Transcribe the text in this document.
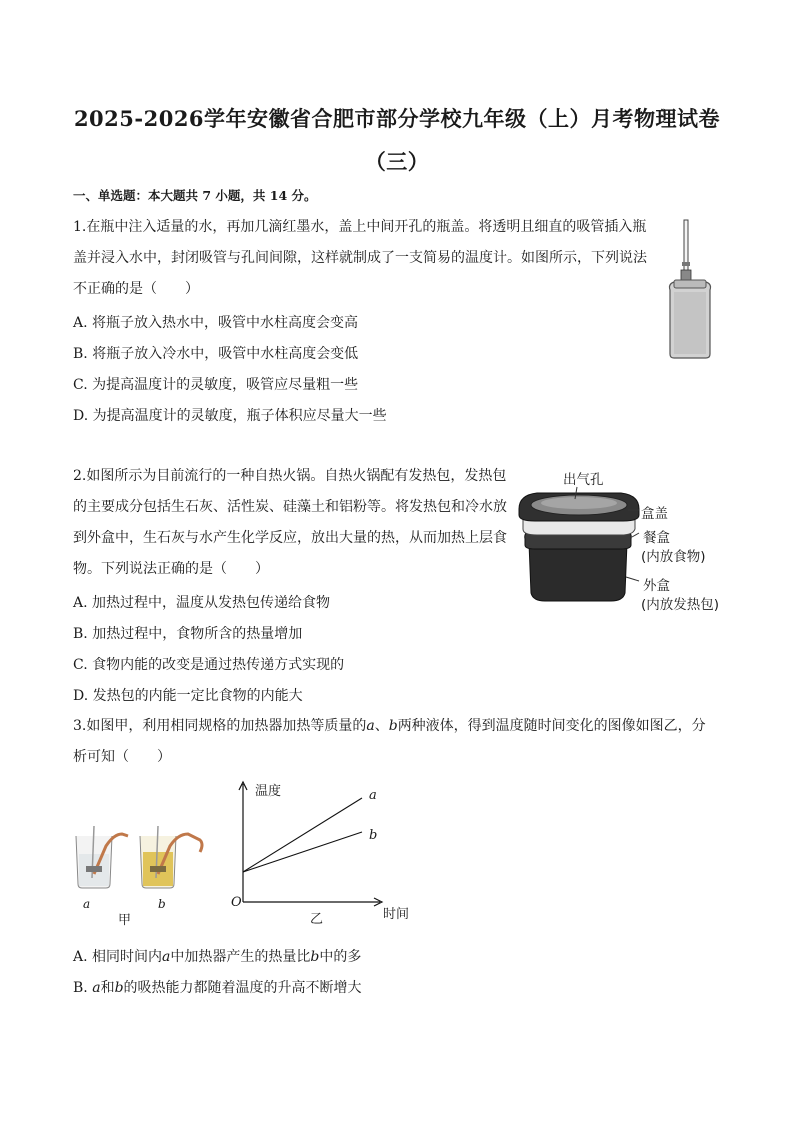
2025-2026学年安徽省合肥市部分学校九年级（上）月考物理试卷
（三）
一、单选题：本大题共 7 小题，共 14 分。
1.在瓶中注入适量的水，再加几滴红墨水，盖上中间开孔的瓶盖。将透明且细直的吸管插入瓶
盖并浸入水中，封闭吸管与孔间间隙，这样就制成了一支简易的温度计。如图所示，下列说法
不正确的是（　　）
A. 将瓶子放入热水中，吸管中水柱高度会变高
B. 将瓶子放入冷水中，吸管中水柱高度会变低
C. 为提高温度计的灵敏度，吸管应尽量粗一些
D. 为提高温度计的灵敏度，瓶子体积应尽量大一些
2.如图所示为目前流行的一种自热火锅。自热火锅配有发热包，发热包
的主要成分包括生石灰、活性炭、硅藻土和铝粉等。将发热包和冷水放
到外盒中，生石灰与水产生化学反应，放出大量的热，从而加热上层食
物。下列说法正确的是（　　）
A. 加热过程中，温度从发热包传递给食物
B. 加热过程中，食物所含的热量增加
C. 食物内能的改变是通过热传递方式实现的
D. 发热包的内能一定比食物的内能大
出气孔
盒盖
餐盒
(内放食物)
外盒
(内放发热包)
3.如图甲，利用相同规格的加热器加热等质量的a、b两种液体，得到温度随时间变化的图像如图乙，分
析可知（　　）
a	b
甲
温度
时间
O
a
b
乙
A. 相同时间内a中加热器产生的热量比b中的多
B. a和b的吸热能力都随着温度的升高不断增大
